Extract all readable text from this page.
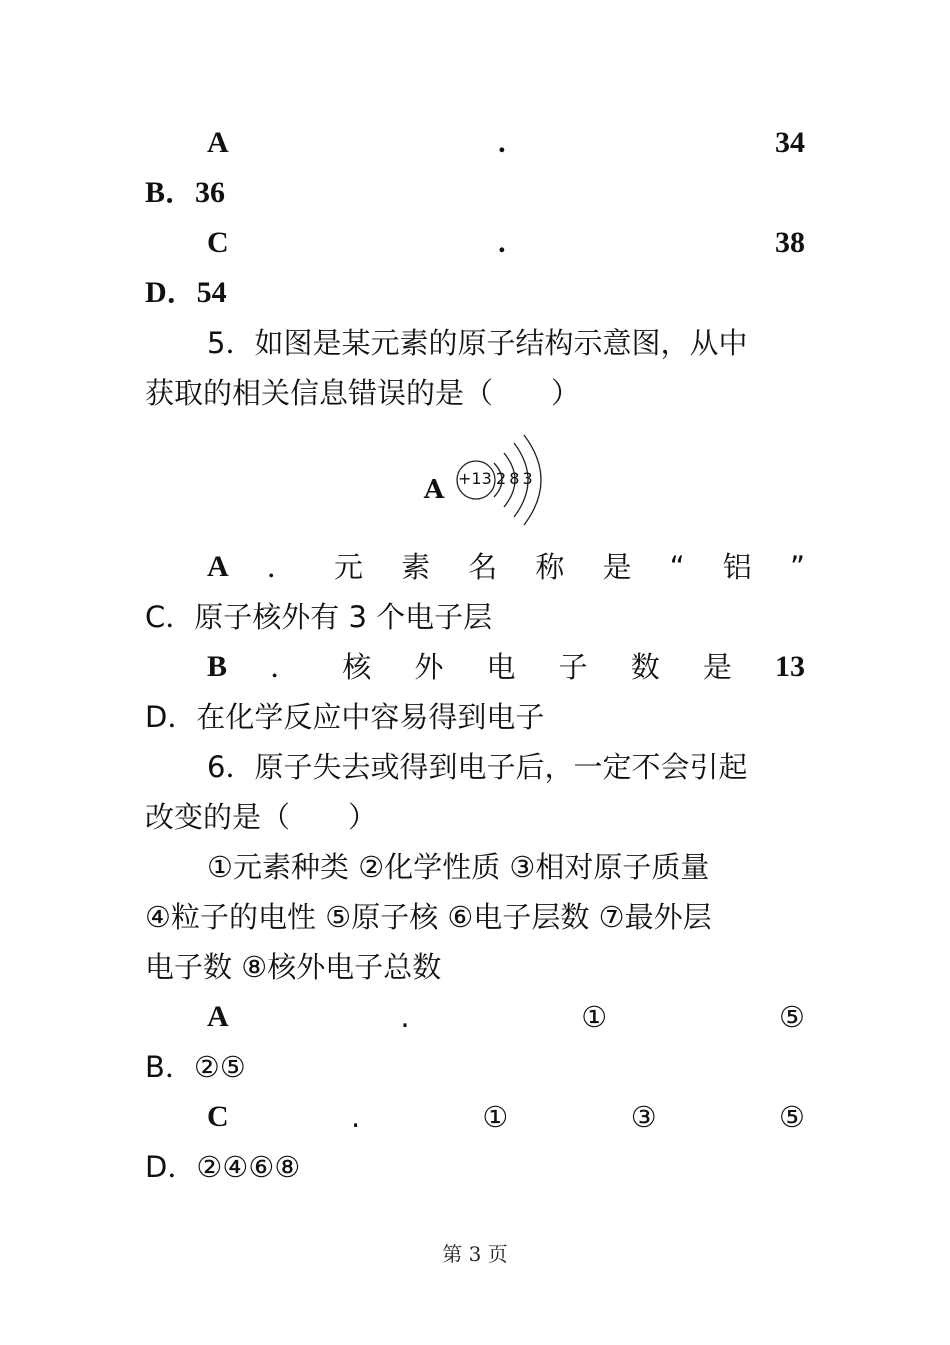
A	.	34
B．36
C	.	38
D．54
5．如图是某元素的原子结构示意图，从中
获取的相关信息错误的是（　　）
A +13 2 8 3
A ． 元 素 名 称 是 “ 铝 ”
C．原子核外有 3 个电子层
B ． 核 外 电 子 数 是 13
D．在化学反应中容易得到电子
6．原子失去或得到电子后，一定不会引起
改变的是（　　）
①元素种类 ②化学性质 ③相对原子质量
④粒子的电性 ⑤原子核 ⑥电子层数 ⑦最外层
电子数 ⑧核外电子总数
A	.	①	⑤
B．②⑤
C	.	①	③	⑤
D．②④⑥⑧
第 3 页
